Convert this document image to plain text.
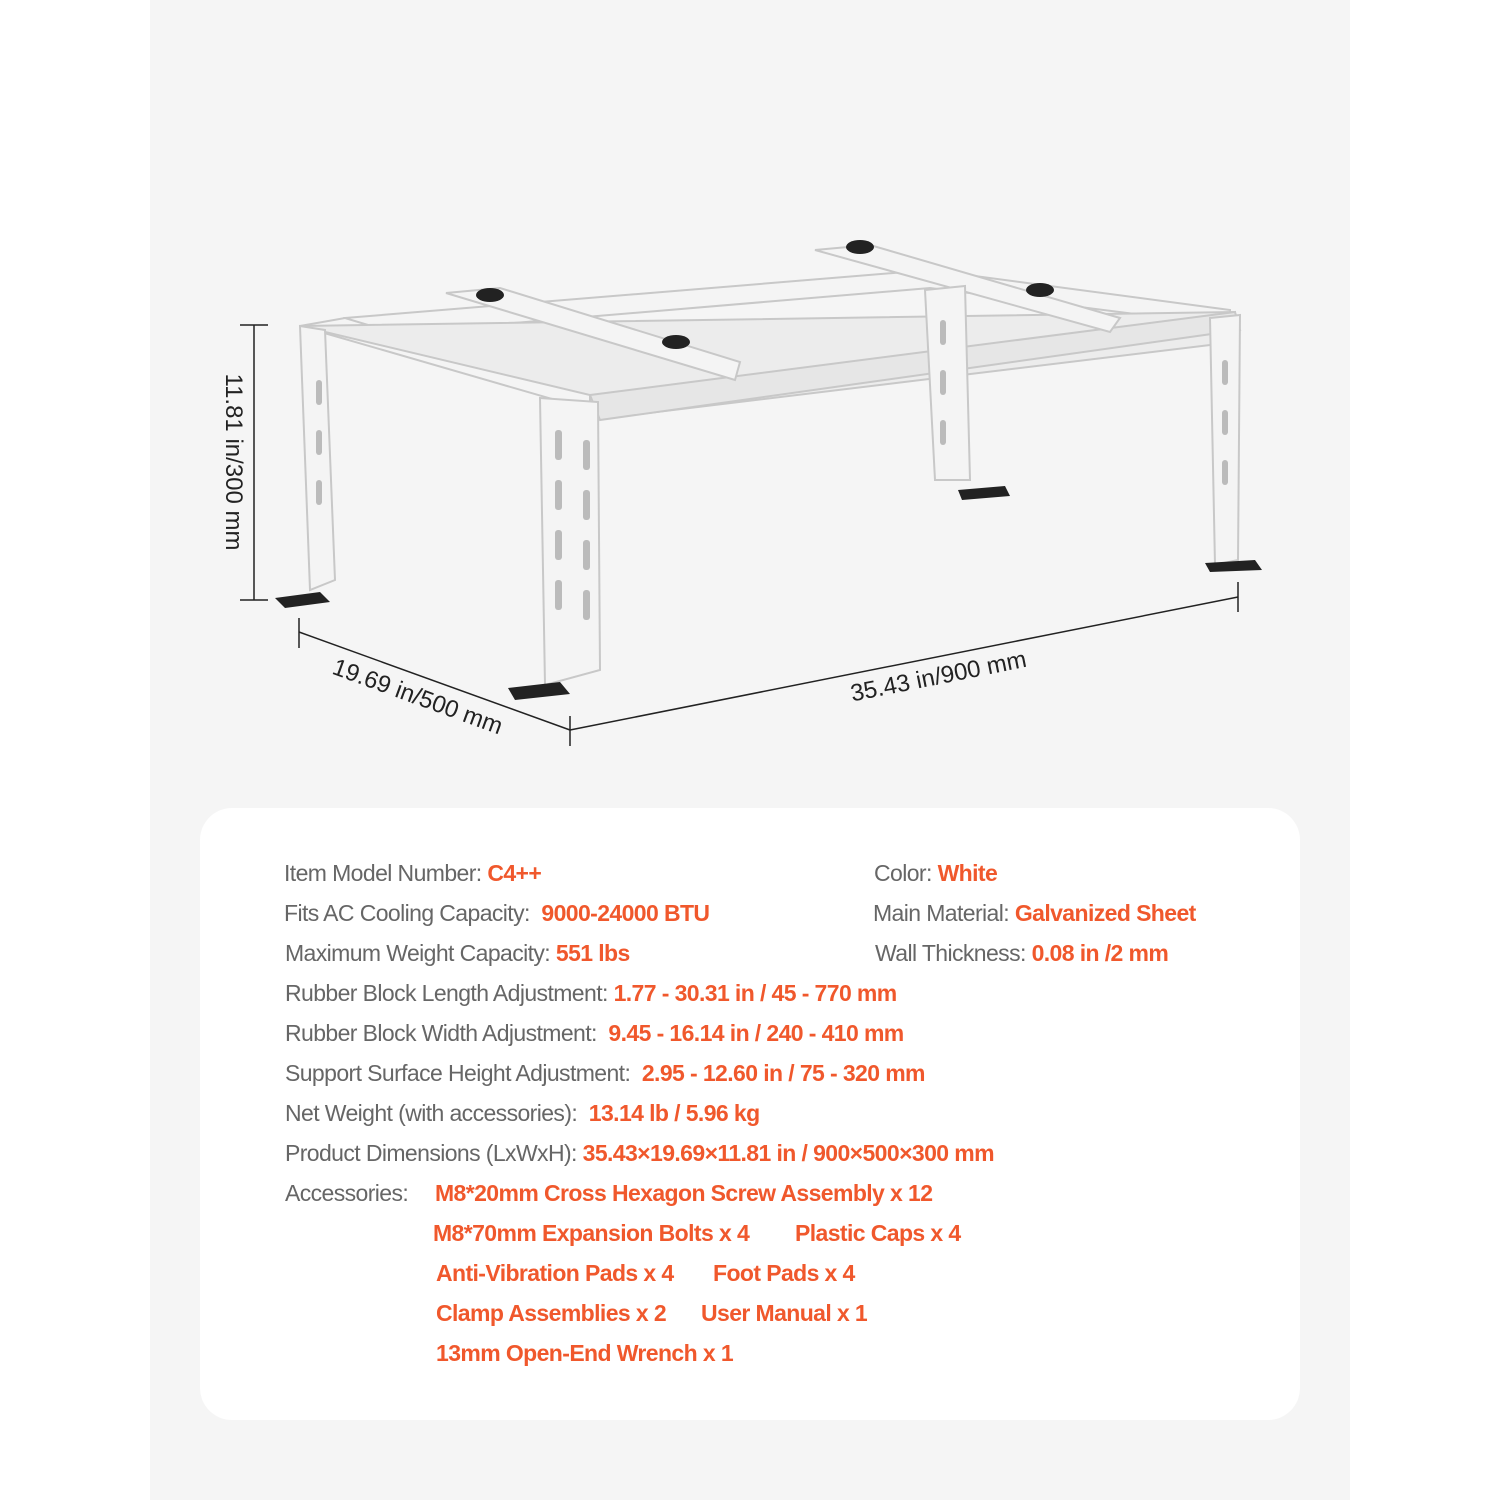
11.81 in/300 mm
19.69 in/500 mm	35.43 in/900 mm
Item Model Number: C4++	Color: White
Fits AC Cooling Capacity: 9000-24000 BTU	Main Material: Galvanized Sheet
Maximum Weight Capacity: 551 lbs	Wall Thickness: 0.08 in /2 mm
Rubber Block Length Adjustment: 1.77 - 30.31 in / 45 - 770 mm
Rubber Block Width Adjustment: 9.45 - 16.14 in / 240 - 410 mm
Support Surface Height Adjustment: 2.95 - 12.60 in / 75 - 320 mm
Net Weight (with accessories): 13.14 lb / 5.96 kg
Product Dimensions (LxWxH): 35.43×19.69×11.81 in / 900×500×300 mm
Accessories: M8*20mm Cross Hexagon Screw Assembly x 12
M8*70mm Expansion Bolts x 4 Plastic Caps x 4
Anti-Vibration Pads x 4 Foot Pads x 4
Clamp Assemblies x 2 User Manual x 1
13mm Open-End Wrench x 1
